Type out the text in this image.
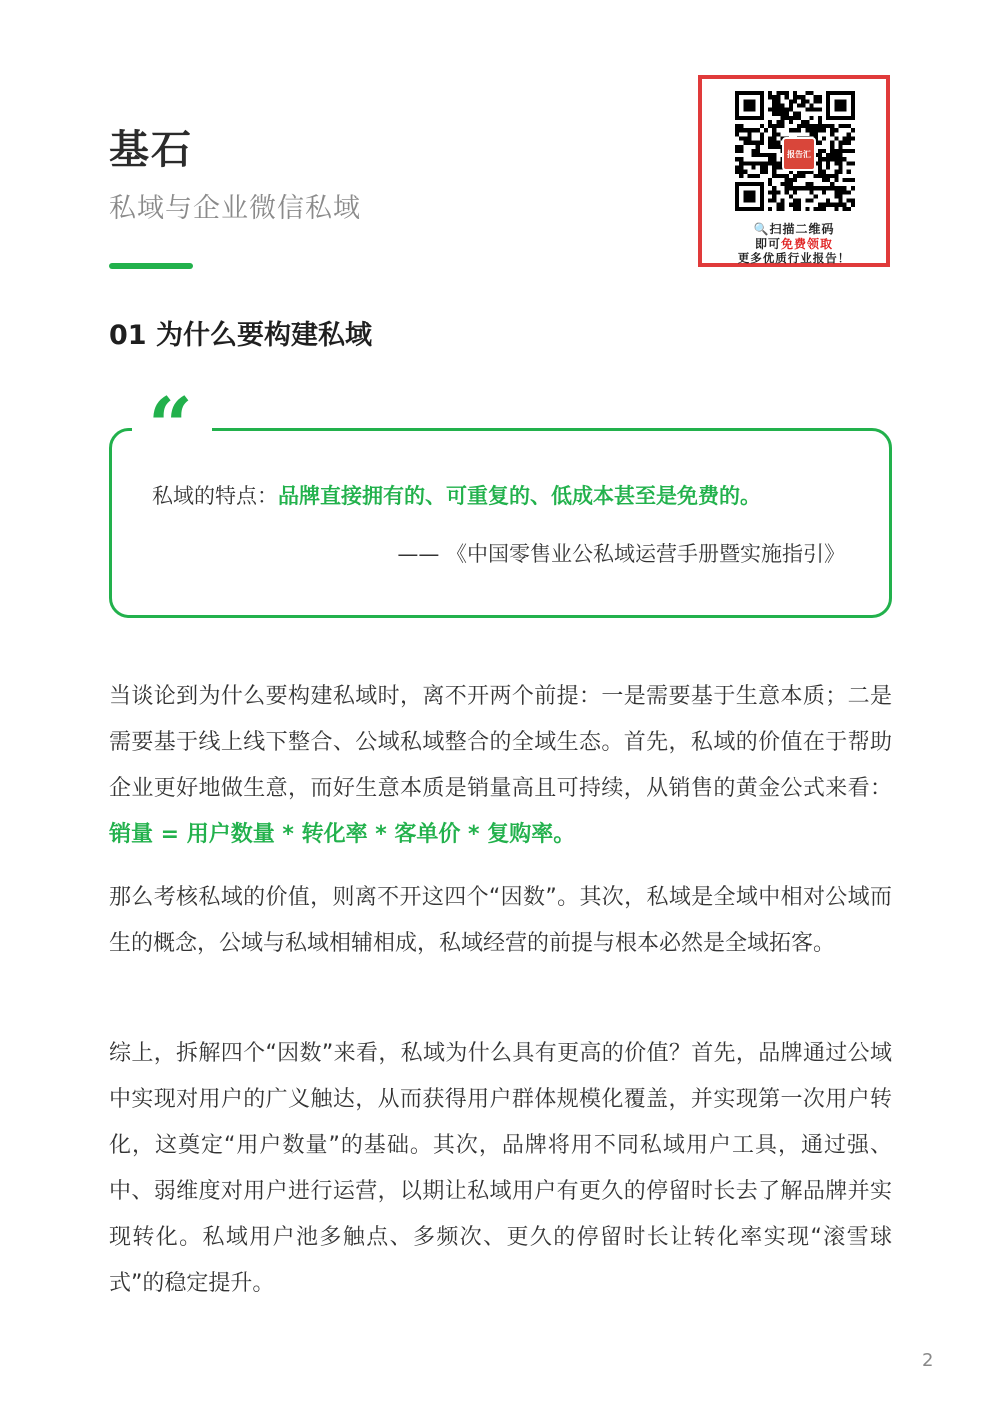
基石
私域与企业微信私域
报告汇
🔍扫描二维码
即可免费领取
更多优质行业报告！
01 为什么要构建私域
“
私域的特点：品牌直接拥有的、可重复的、低成本甚至是免费的。
—— 《中国零售业公私域运营手册暨实施指引》

当谈论到为什么要构建私域时，离不开两个前提：一是需要基于生意本质；二是需要基于线上线下整合、公域私域整合的全域生态。首先，私域的价值在于帮助企业更好地做生意，而好生意本质是销量高且可持续，从销售的黄金公式来看：销量 = 用户数量 * 转化率 * 客单价 * 复购率。

那么考核私域的价值，则离不开这四个“因数”。其次，私域是全域中相对公域而生的概念，公域与私域相辅相成，私域经营的前提与根本必然是全域拓客。

综上，拆解四个“因数”来看，私域为什么具有更高的价值？首先，品牌通过公域中实现对用户的广义触达，从而获得用户群体规模化覆盖，并实现第一次用户转化，这奠定“用户数量”的基础。其次，品牌将用不同私域用户工具，通过强、中、弱维度对用户进行运营，以期让私域用户有更久的停留时长去了解品牌并实现转化。私域用户池多触点、多频次、更久的停留时长让转化率实现“滚雪球式”的稳定提升。

2
